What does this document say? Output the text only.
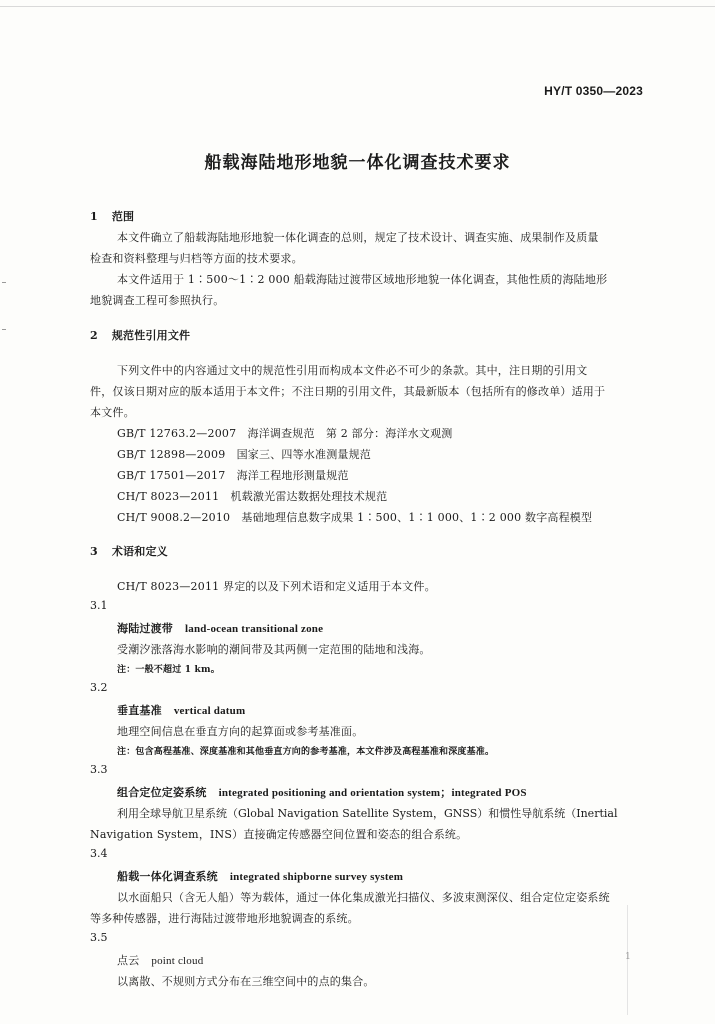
HY/T 0350—2023
船载海陆地形地貌一体化调查技术要求
1 范围
本文件确立了船载海陆地形地貌一体化调查的总则，规定了技术设计、调查实施、成果制作及质量
检查和资料整理与归档等方面的技术要求。
本文件适用于 1∶500～1∶2 000 船载海陆过渡带区域地形地貌一体化调查，其他性质的海陆地形
地貌调查工程可参照执行。
2 规范性引用文件
下列文件中的内容通过文中的规范性引用而构成本文件必不可少的条款。其中，注日期的引用文
件，仅该日期对应的版本适用于本文件；不注日期的引用文件，其最新版本（包括所有的修改单）适用于
本文件。
GB/T 12763.2—2007　海洋调查规范　第 2 部分：海洋水文观测
GB/T 12898—2009　国家三、四等水准测量规范
GB/T 17501—2017　海洋工程地形测量规范
CH/T 8023—2011　机载激光雷达数据处理技术规范
CH/T 9008.2—2010　基础地理信息数字成果 1∶500、1∶1 000、1∶2 000 数字高程模型
3 术语和定义
CH/T 8023—2011 界定的以及下列术语和定义适用于本文件。
3.1
海陆过渡带 land-ocean transitional zone
受潮汐涨落海水影响的潮间带及其两侧一定范围的陆地和浅海。
注：一般不超过 1 km。
3.2
垂直基准 vertical datum
地理空间信息在垂直方向的起算面或参考基准面。
注：包含高程基准、深度基准和其他垂直方向的参考基准，本文件涉及高程基准和深度基准。
3.3
组合定位定姿系统 integrated positioning and orientation system；integrated POS
利用全球导航卫星系统（Global Navigation Satellite System，GNSS）和惯性导航系统（Inertial
Navigation System，INS）直接确定传感器空间位置和姿态的组合系统。
3.4
船载一体化调查系统 integrated shipborne survey system
以水面船只（含无人船）等为载体，通过一体化集成激光扫描仪、多波束测深仪、组合定位定姿系统
等多种传感器，进行海陆过渡带地形地貌调查的系统。
3.5
点云 point cloud
以离散、不规则方式分布在三维空间中的点的集合。
1
